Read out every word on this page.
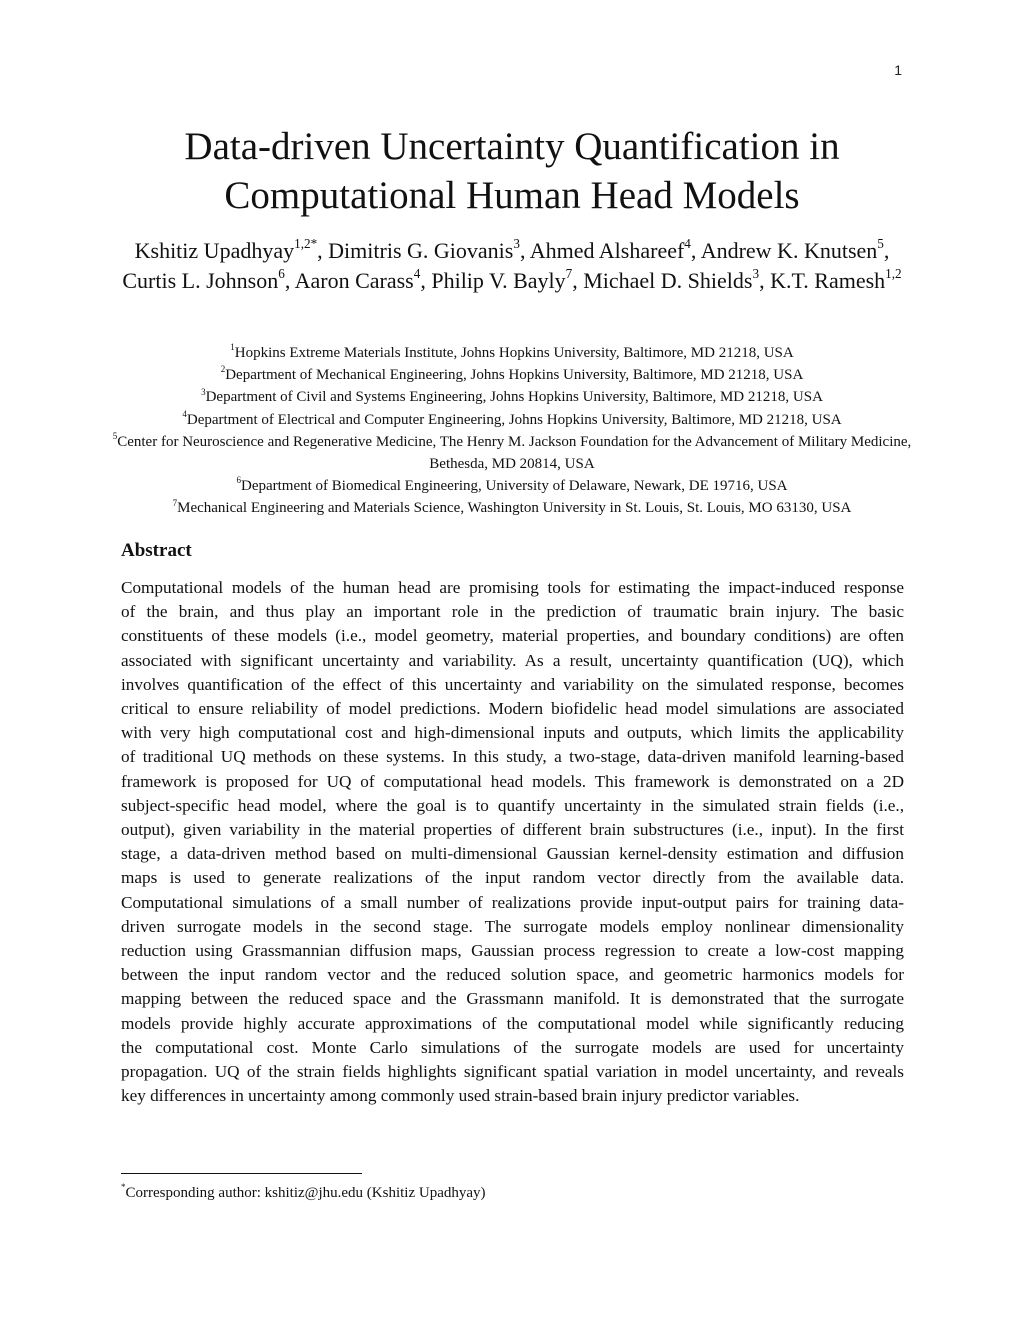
1
Data-driven Uncertainty Quantification in
Computational Human Head Models
Kshitiz Upadhyay$^{1,2*}$, Dimitris G. Giovanis$^3$, Ahmed Alshareef$^4$, Andrew K. Knutsen$^5$, Curtis L. Johnson$^6$, Aaron Carass$^4$, Philip V. Bayly$^7$, Michael D. Shields$^3$, K.T. Ramesh$^{1,2}$
$^1$Hopkins Extreme Materials Institute, Johns Hopkins University, Baltimore, MD 21218, USA
$^2$Department of Mechanical Engineering, Johns Hopkins University, Baltimore, MD 21218, USA
$^3$Department of Civil and Systems Engineering, Johns Hopkins University, Baltimore, MD 21218, USA
$^4$Department of Electrical and Computer Engineering, Johns Hopkins University, Baltimore, MD 21218, USA
$^5$Center for Neuroscience and Regenerative Medicine, The Henry M. Jackson Foundation for the Advancement of Military Medicine, Bethesda, MD 20814, USA
$^6$Department of Biomedical Engineering, University of Delaware, Newark, DE 19716, USA
$^7$Mechanical Engineering and Materials Science, Washington University in St. Louis, St. Louis, MO 63130, USA
Abstract
Computational models of the human head are promising tools for estimating the impact-induced response
of the brain, and thus play an important role in the prediction of traumatic brain injury. The basic
constituents of these models (i.e., model geometry, material properties, and boundary conditions) are often
associated with significant uncertainty and variability. As a result, uncertainty quantification (UQ), which
involves quantification of the effect of this uncertainty and variability on the simulated response, becomes
critical to ensure reliability of model predictions. Modern biofidelic head model simulations are associated
with very high computational cost and high-dimensional inputs and outputs, which limits the applicability
of traditional UQ methods on these systems. In this study, a two-stage, data-driven manifold learning-based
framework is proposed for UQ of computational head models. This framework is demonstrated on a 2D
subject-specific head model, where the goal is to quantify uncertainty in the simulated strain fields (i.e.,
output), given variability in the material properties of different brain substructures (i.e., input). In the first
stage, a data-driven method based on multi-dimensional Gaussian kernel-density estimation and diffusion
maps is used to generate realizations of the input random vector directly from the available data.
Computational simulations of a small number of realizations provide input-output pairs for training data-
driven surrogate models in the second stage. The surrogate models employ nonlinear dimensionality
reduction using Grassmannian diffusion maps, Gaussian process regression to create a low-cost mapping
between the input random vector and the reduced solution space, and geometric harmonics models for
mapping between the reduced space and the Grassmann manifold. It is demonstrated that the surrogate
models provide highly accurate approximations of the computational model while significantly reducing
the computational cost. Monte Carlo simulations of the surrogate models are used for uncertainty
propagation. UQ of the strain fields highlights significant spatial variation in model uncertainty, and reveals
key differences in uncertainty among commonly used strain-based brain injury predictor variables.
*Corresponding author: kshitiz@jhu.edu (Kshitiz Upadhyay)
